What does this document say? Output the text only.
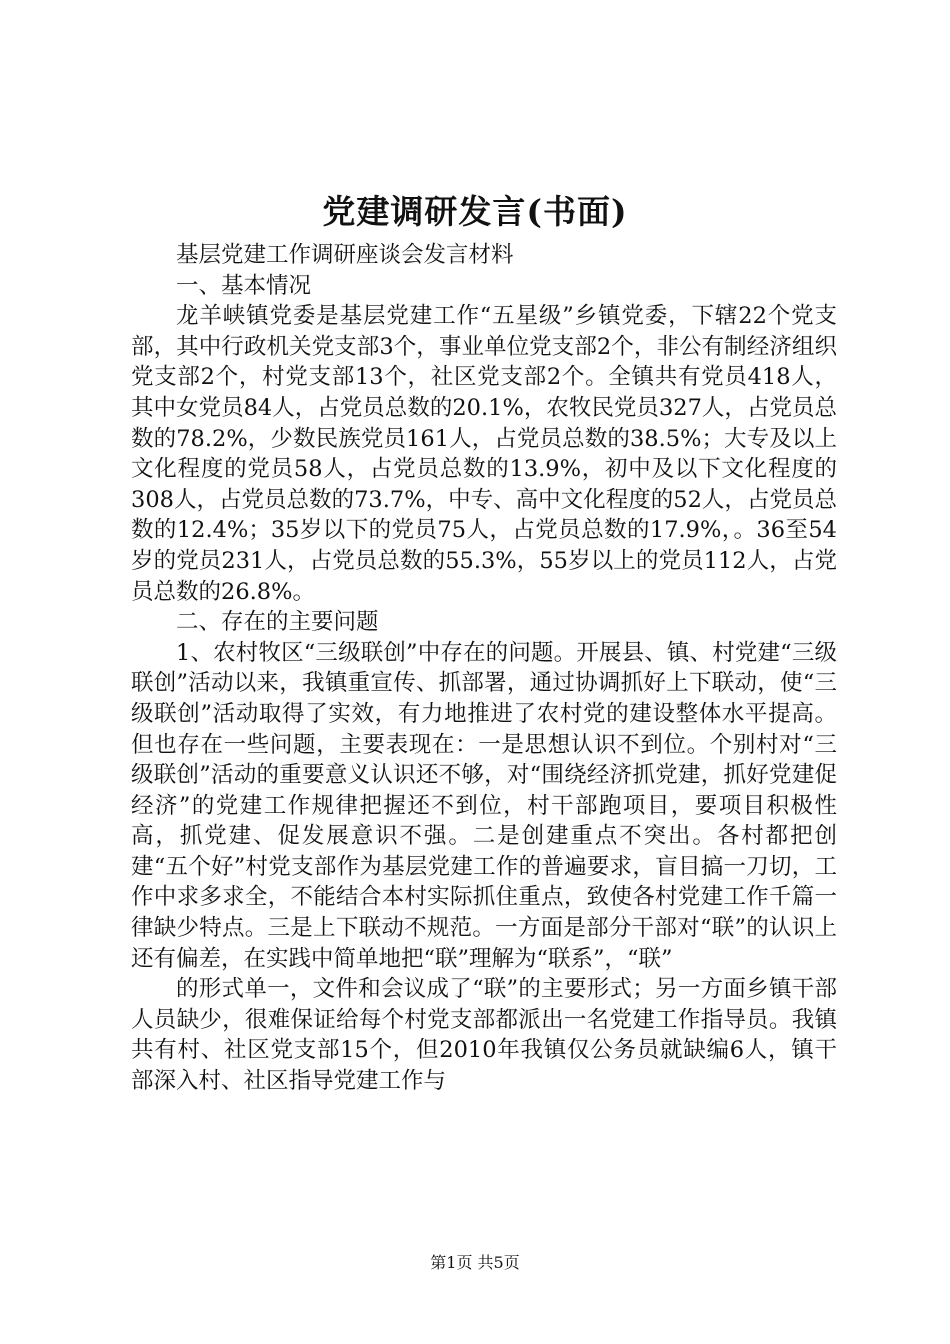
党建调研发言(书面)

基层党建工作调研座谈会发言材料

一、基本情况

龙羊峡镇党委是基层党建工作“五星级”乡镇党委，下辖22个党支部，其中行政机关党支部3个，事业单位党支部2个，非公有制经济组织党支部2个，村党支部13个，社区党支部2个。全镇共有党员418人，其中女党员84人，占党员总数的20.1%，农牧民党员327人，占党员总数的78.2%，少数民族党员161人，占党员总数的38.5%；大专及以上文化程度的党员58人，占党员总数的13.9%，初中及以下文化程度的308人，占党员总数的73.7%，中专、高中文化程度的52人，占党员总数的12.4%；35岁以下的党员75人，占党员总数的17.9%，。36至54岁的党员231人，占党员总数的55.3%，55岁以上的党员112人，占党员总数的26.8%。

二、存在的主要问题

1、农村牧区“三级联创”中存在的问题。开展县、镇、村党建“三级联创”活动以来，我镇重宣传、抓部署，通过协调抓好上下联动，使“三级联创”活动取得了实效，有力地推进了农村党的建设整体水平提高。但也存在一些问题，主要表现在：一是思想认识不到位。个别村对“三级联创”活动的重要意义认识还不够，对“围绕经济抓党建，抓好党建促经济”的党建工作规律把握还不到位，村干部跑项目，要项目积极性高，抓党建、促发展意识不强。二是创建重点不突出。各村都把创建“五个好”村党支部作为基层党建工作的普遍要求，盲目搞一刀切，工作中求多求全，不能结合本村实际抓住重点，致使各村党建工作千篇一律缺少特点。三是上下联动不规范。一方面是部分干部对“联”的认识上还有偏差，在实践中简单地把“联”理解为“联系”，“联”

的形式单一，文件和会议成了“联”的主要形式；另一方面乡镇干部人员缺少，很难保证给每个村党支部都派出一名党建工作指导员。我镇共有村、社区党支部15个，但2010年我镇仅公务员就缺编6人，镇干部深入村、社区指导党建工作与

第1页 共5页
